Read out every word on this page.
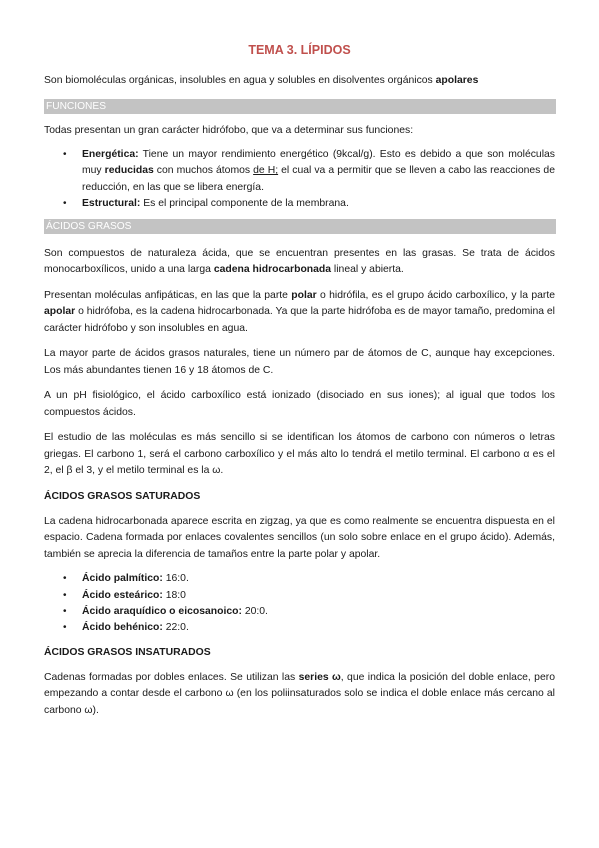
TEMA 3. LÍPIDOS

Son biomoléculas orgánicas, insolubles en agua y solubles en disolventes orgánicos apolares

FUNCIONES

Todas presentan un gran carácter hidrófobo, que va a determinar sus funciones:

• Energética: Tiene un mayor rendimiento energético (9kcal/g). Esto es debido a que son moléculas muy reducidas con muchos átomos de H; el cual va a permitir que se lleven a cabo las reacciones de reducción, en las que se libera energía.
• Estructural: Es el principal componente de la membrana.
ÁCIDOS GRASOS

Son compuestos de naturaleza ácida, que se encuentran presentes en las grasas. Se trata de ácidos monocarboxílicos, unido a una larga cadena hidrocarbonada lineal y abierta.

Presentan moléculas anfipáticas, en las que la parte polar o hidrófila, es el grupo ácido carboxílico, y la parte apolar o hidrófoba, es la cadena hidrocarbonada. Ya que la parte hidrófoba es de mayor tamaño, predomina el carácter hidrófobo y son insolubles en agua.

La mayor parte de ácidos grasos naturales, tiene un número par de átomos de C, aunque hay excepciones. Los más abundantes tienen 16 y 18 átomos de C.

A un pH fisiológico, el ácido carboxílico está ionizado (disociado en sus iones); al igual que todos los compuestos ácidos.

El estudio de las moléculas es más sencillo si se identifican los átomos de carbono con números o letras griegas. El carbono 1, será el carbono carboxílico y el más alto lo tendrá el metilo terminal. El carbono α es el 2, el β el 3, y el metilo terminal es la ω.

ÁCIDOS GRASOS SATURADOS

La cadena hidrocarbonada aparece escrita en zigzag, ya que es como realmente se encuentra dispuesta en el espacio. Cadena formada por enlaces covalentes sencillos (un solo sobre enlace en el grupo ácido). Además, también se aprecia la diferencia de tamaños entre la parte polar y apolar.

• Ácido palmítico: 16:0.
• Ácido esteárico: 18:0
• Ácido araquídico o eicosanoico: 20:0.
• Ácido behénico: 22:0.
ÁCIDOS GRASOS INSATURADOS

Cadenas formadas por dobles enlaces. Se utilizan las series ω, que indica la posición del doble enlace, pero empezando a contar desde el carbono ω (en los poliinsaturados solo se indica el doble enlace más cercano al carbono ω).
